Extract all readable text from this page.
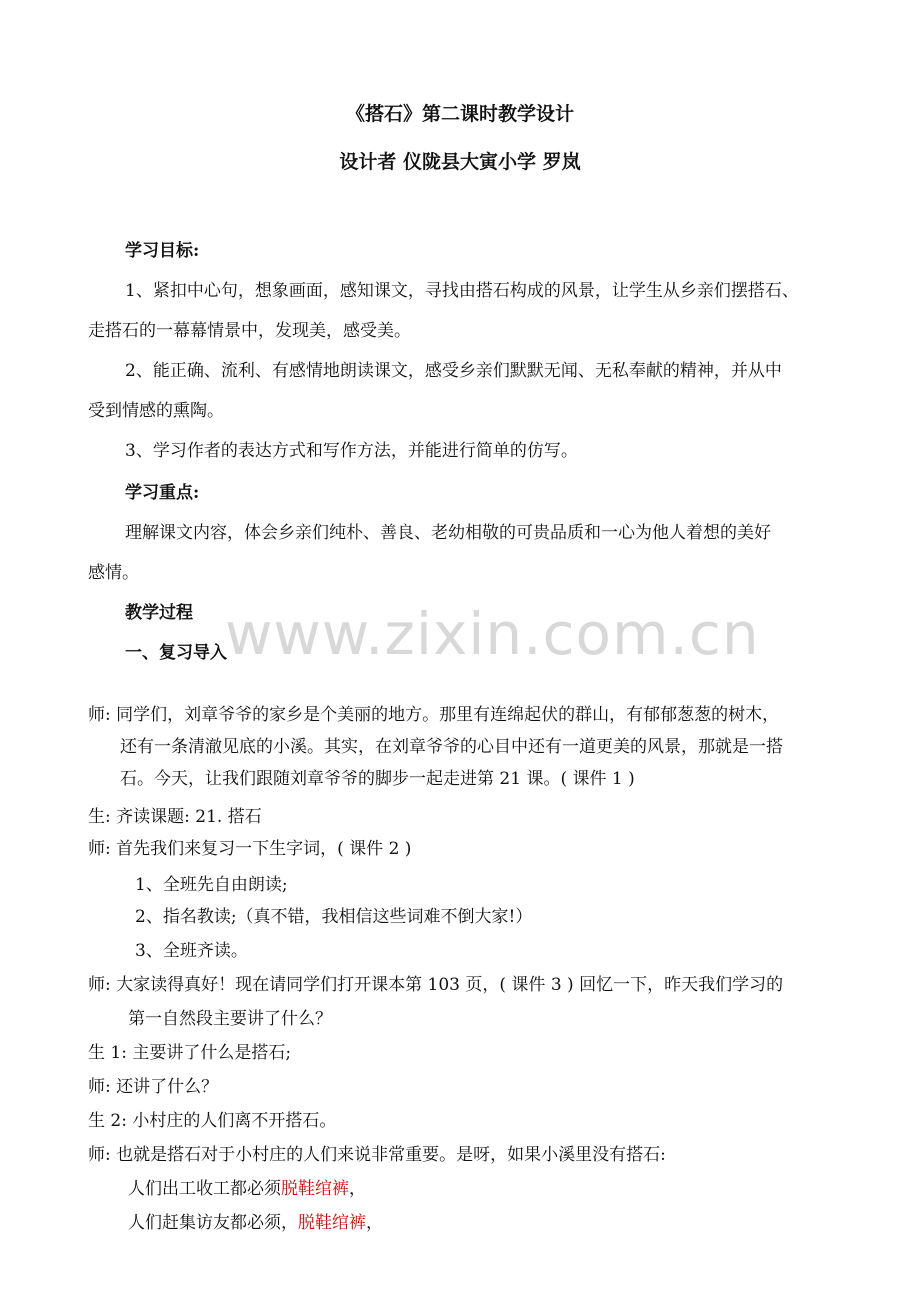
《搭石》第二课时教学设计
设计者 仪陇县大寅小学 罗岚
学习目标:
1、紧扣中心句，想象画面，感知课文，寻找由搭石构成的风景，让学生从乡亲们摆搭石、
走搭石的一幕幕情景中，发现美，感受美。
2、能正确、流利、有感情地朗读课文，感受乡亲们默默无闻、无私奉献的精神，并从中
受到情感的熏陶。
3、学习作者的表达方式和写作方法，并能进行简单的仿写。
学习重点:
理解课文内容，体会乡亲们纯朴、善良、老幼相敬的可贵品质和一心为他人着想的美好
感情。
教学过程
一、复习导入
www.zixin.com.cn
师: 同学们，刘章爷爷的家乡是个美丽的地方。那里有连绵起伏的群山，有郁郁葱葱的树木，
还有一条清澈见底的小溪。其实，在刘章爷爷的心目中还有一道更美的风景，那就是一搭
石。今天，让我们跟随刘章爷爷的脚步一起走进第 21 课。( 课件 1 )
生: 齐读课题: 21. 搭石
师: 首先我们来复习一下生字词，( 课件 2 )
1、全班先自由朗读;
2、指名教读;（真不错，我相信这些词难不倒大家!）
3、全班齐读。
师: 大家读得真好！现在请同学们打开课本第 103 页，( 课件 3 ) 回忆一下，昨天我们学习的
第一自然段主要讲了什么？
生 1: 主要讲了什么是搭石;
师: 还讲了什么？
生 2: 小村庄的人们离不开搭石。
师: 也就是搭石对于小村庄的人们来说非常重要。是呀，如果小溪里没有搭石:
人们出工收工都必须脱鞋绾裤，
人们赶集访友都必须，脱鞋绾裤，
